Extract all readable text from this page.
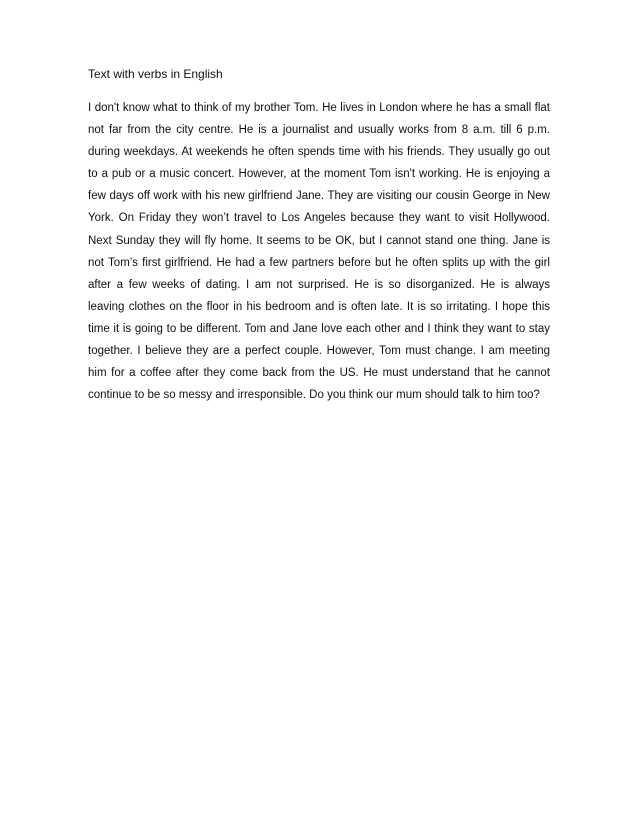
Text with verbs in English

I don't know what to think of my brother Tom. He lives in London where he has a small flat not far from the city centre. He is a journalist and usually works from 8 a.m. till 6 p.m. during weekdays. At weekends he often spends time with his friends. They usually go out to a pub or a music concert. However, at the moment Tom isn't working. He is enjoying a few days off work with his new girlfriend Jane. They are visiting our cousin George in New York. On Friday they won’t travel to Los Angeles because they want to visit Hollywood. Next Sunday they will fly home. It seems to be OK, but I cannot stand one thing. Jane is not Tom’s first girlfriend. He had a few partners before but he often splits up with the girl after a few weeks of dating. I am not surprised. He is so disorganized. He is always leaving clothes on the floor in his bedroom and is often late. It is so irritating. I hope this time it is going to be different. Tom and Jane love each other and I think they want to stay together. I believe they are a perfect couple. However, Tom must change. I am meeting him for a coffee after they come back from the US. He must understand that he cannot continue to be so messy and irresponsible. Do you think our mum should talk to him too?
